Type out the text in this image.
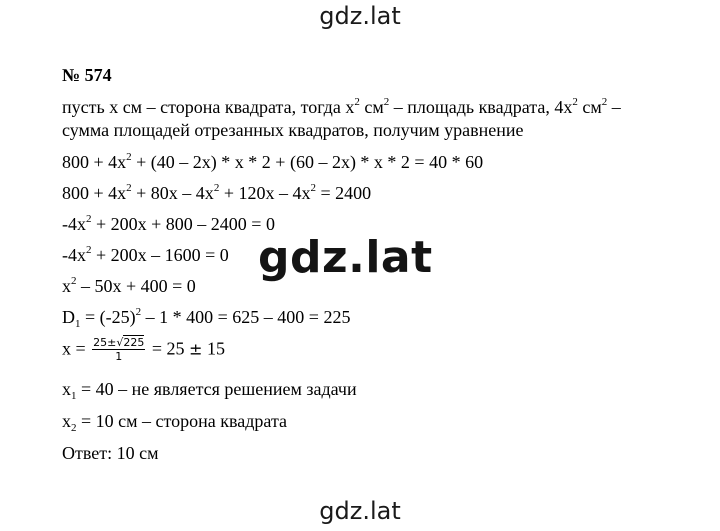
gdz.lat
№ 574
пусть x см – сторона квадрата, тогда $x^2$ $см^2$ – площадь квадрата, $4x^2$ $см^2$ –
сумма площадей отрезанных квадратов, получим уравнение
$800 + 4x^2 + (40 - 2x) * x * 2 + (60 - 2x) * x * 2 = 40 * 60$
$800 + 4x^2 + 80x - 4x^2 + 120x - 4x^2 = 2400$
$-4x^2 + 200x + 800 - 2400 = 0$
$-4x^2 + 200x - 1600 = 0$
$x^2 - 50x + 400 = 0$
$D_1 = (-25)^2 - 1 * 400 = 625 - 400 = 225$
$x = \frac{25\pm√225}{1} = 25 \pm 15$
$x_1 = 40$ – не является решением задачи
$x_2 = 10$ см – сторона квадрата
Ответ: 10 см
gdz.lat
gdz.lat
